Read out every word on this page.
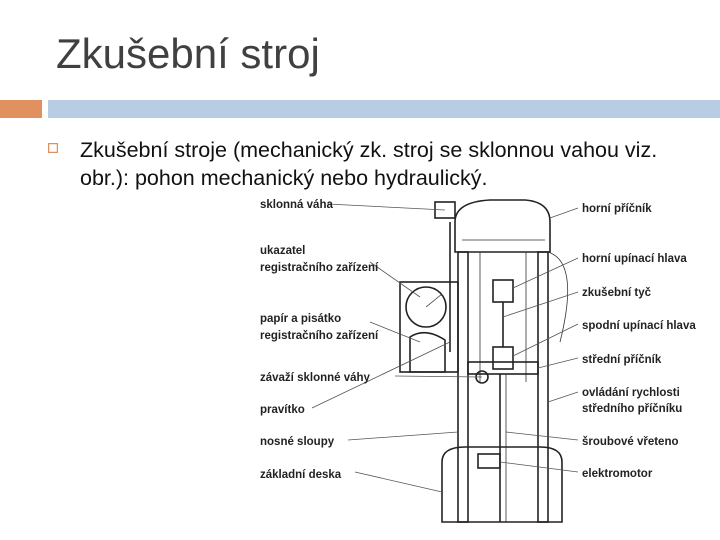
Zkušební stroj
Zkušební stroje (mechanický zk. stroj se sklonnou vahou viz. obr.): pohon mechanický nebo hydraulický.
sklonná váha
ukazatel registračního zařízení
papír a pisátko registračního zařízení
závaží sklonné váhy
pravítko
nosné sloupy
základní deska
horní příčník
horní upínací hlava
zkušební tyč
spodní upínací hlava
střední příčník
ovládání rychlosti středního příčníku
šroubové vřeteno
elektromotor
